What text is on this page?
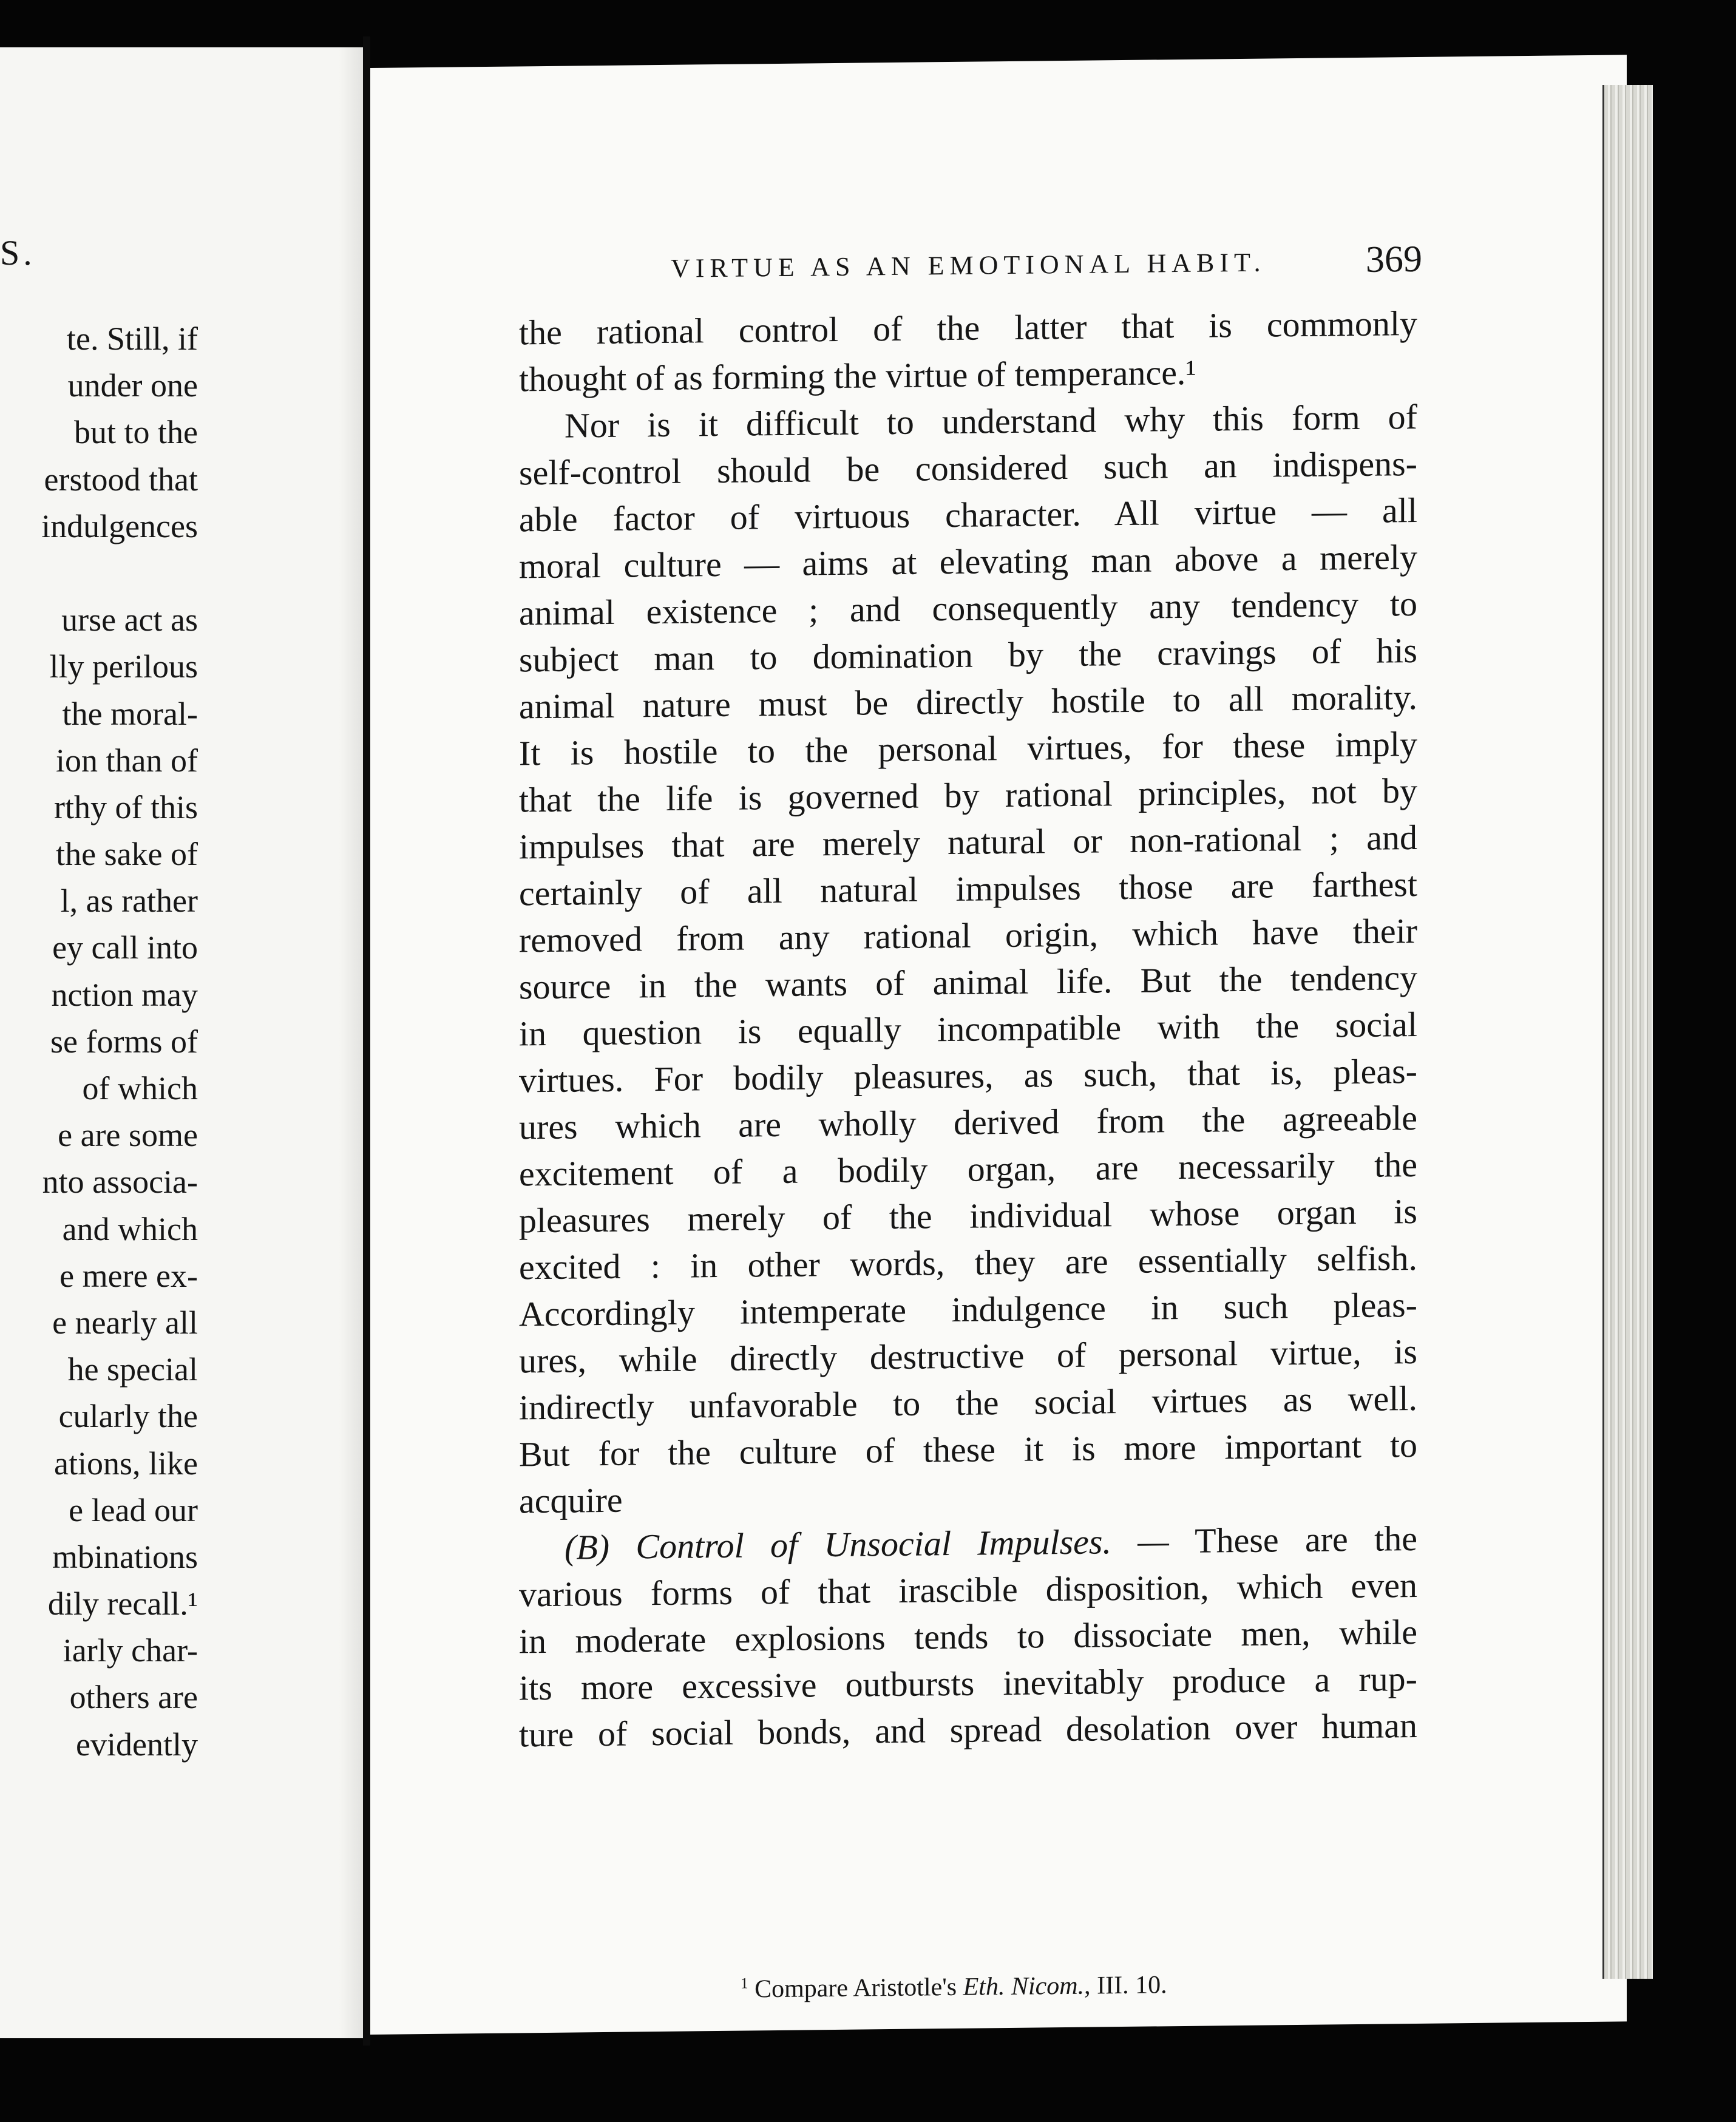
S.
te. Still, if
under one
but to the
erstood that
indulgences
urse act as
lly perilous
the moral-
ion than of
rthy of this
the sake of
l, as rather
ey call into
nction may
se forms of
of which
e are some
nto associa-
and which
e mere ex-
e nearly all
he special
cularly the
ations, like
e lead our
mbinations
dily recall.¹
iarly char-
others are
evidently
VIRTUE AS AN EMOTIONAL HABIT.	369
the rational control of the latter that is commonly
thought of as forming the virtue of temperance.¹
Nor is it difficult to understand why this form of
self-control should be considered such an indispens-
able factor of virtuous character. All virtue — all
moral culture — aims at elevating man above a merely
animal existence ; and consequently any tendency to
subject man to domination by the cravings of his
animal nature must be directly hostile to all morality.
It is hostile to the personal virtues, for these imply
that the life is governed by rational principles, not by
impulses that are merely natural or non-rational ; and
certainly of all natural impulses those are farthest
removed from any rational origin, which have their
source in the wants of animal life. But the tendency
in question is equally incompatible with the social
virtues. For bodily pleasures, as such, that is, pleas-
ures which are wholly derived from the agreeable
excitement of a bodily organ, are necessarily the
pleasures merely of the individual whose organ is
excited : in other words, they are essentially selfish.
Accordingly intemperate indulgence in such pleas-
ures, while directly destructive of personal virtue, is
indirectly unfavorable to the social virtues as well.
But for the culture of these it is more important to
acquire
(B) Control of Unsocial Impulses. — These are the
various forms of that irascible disposition, which even
in moderate explosions tends to dissociate men, while
its more excessive outbursts inevitably produce a rup-
ture of social bonds, and spread desolation over human
$^1$ Compare Aristotle's Eth. Nicom., III. 10.
